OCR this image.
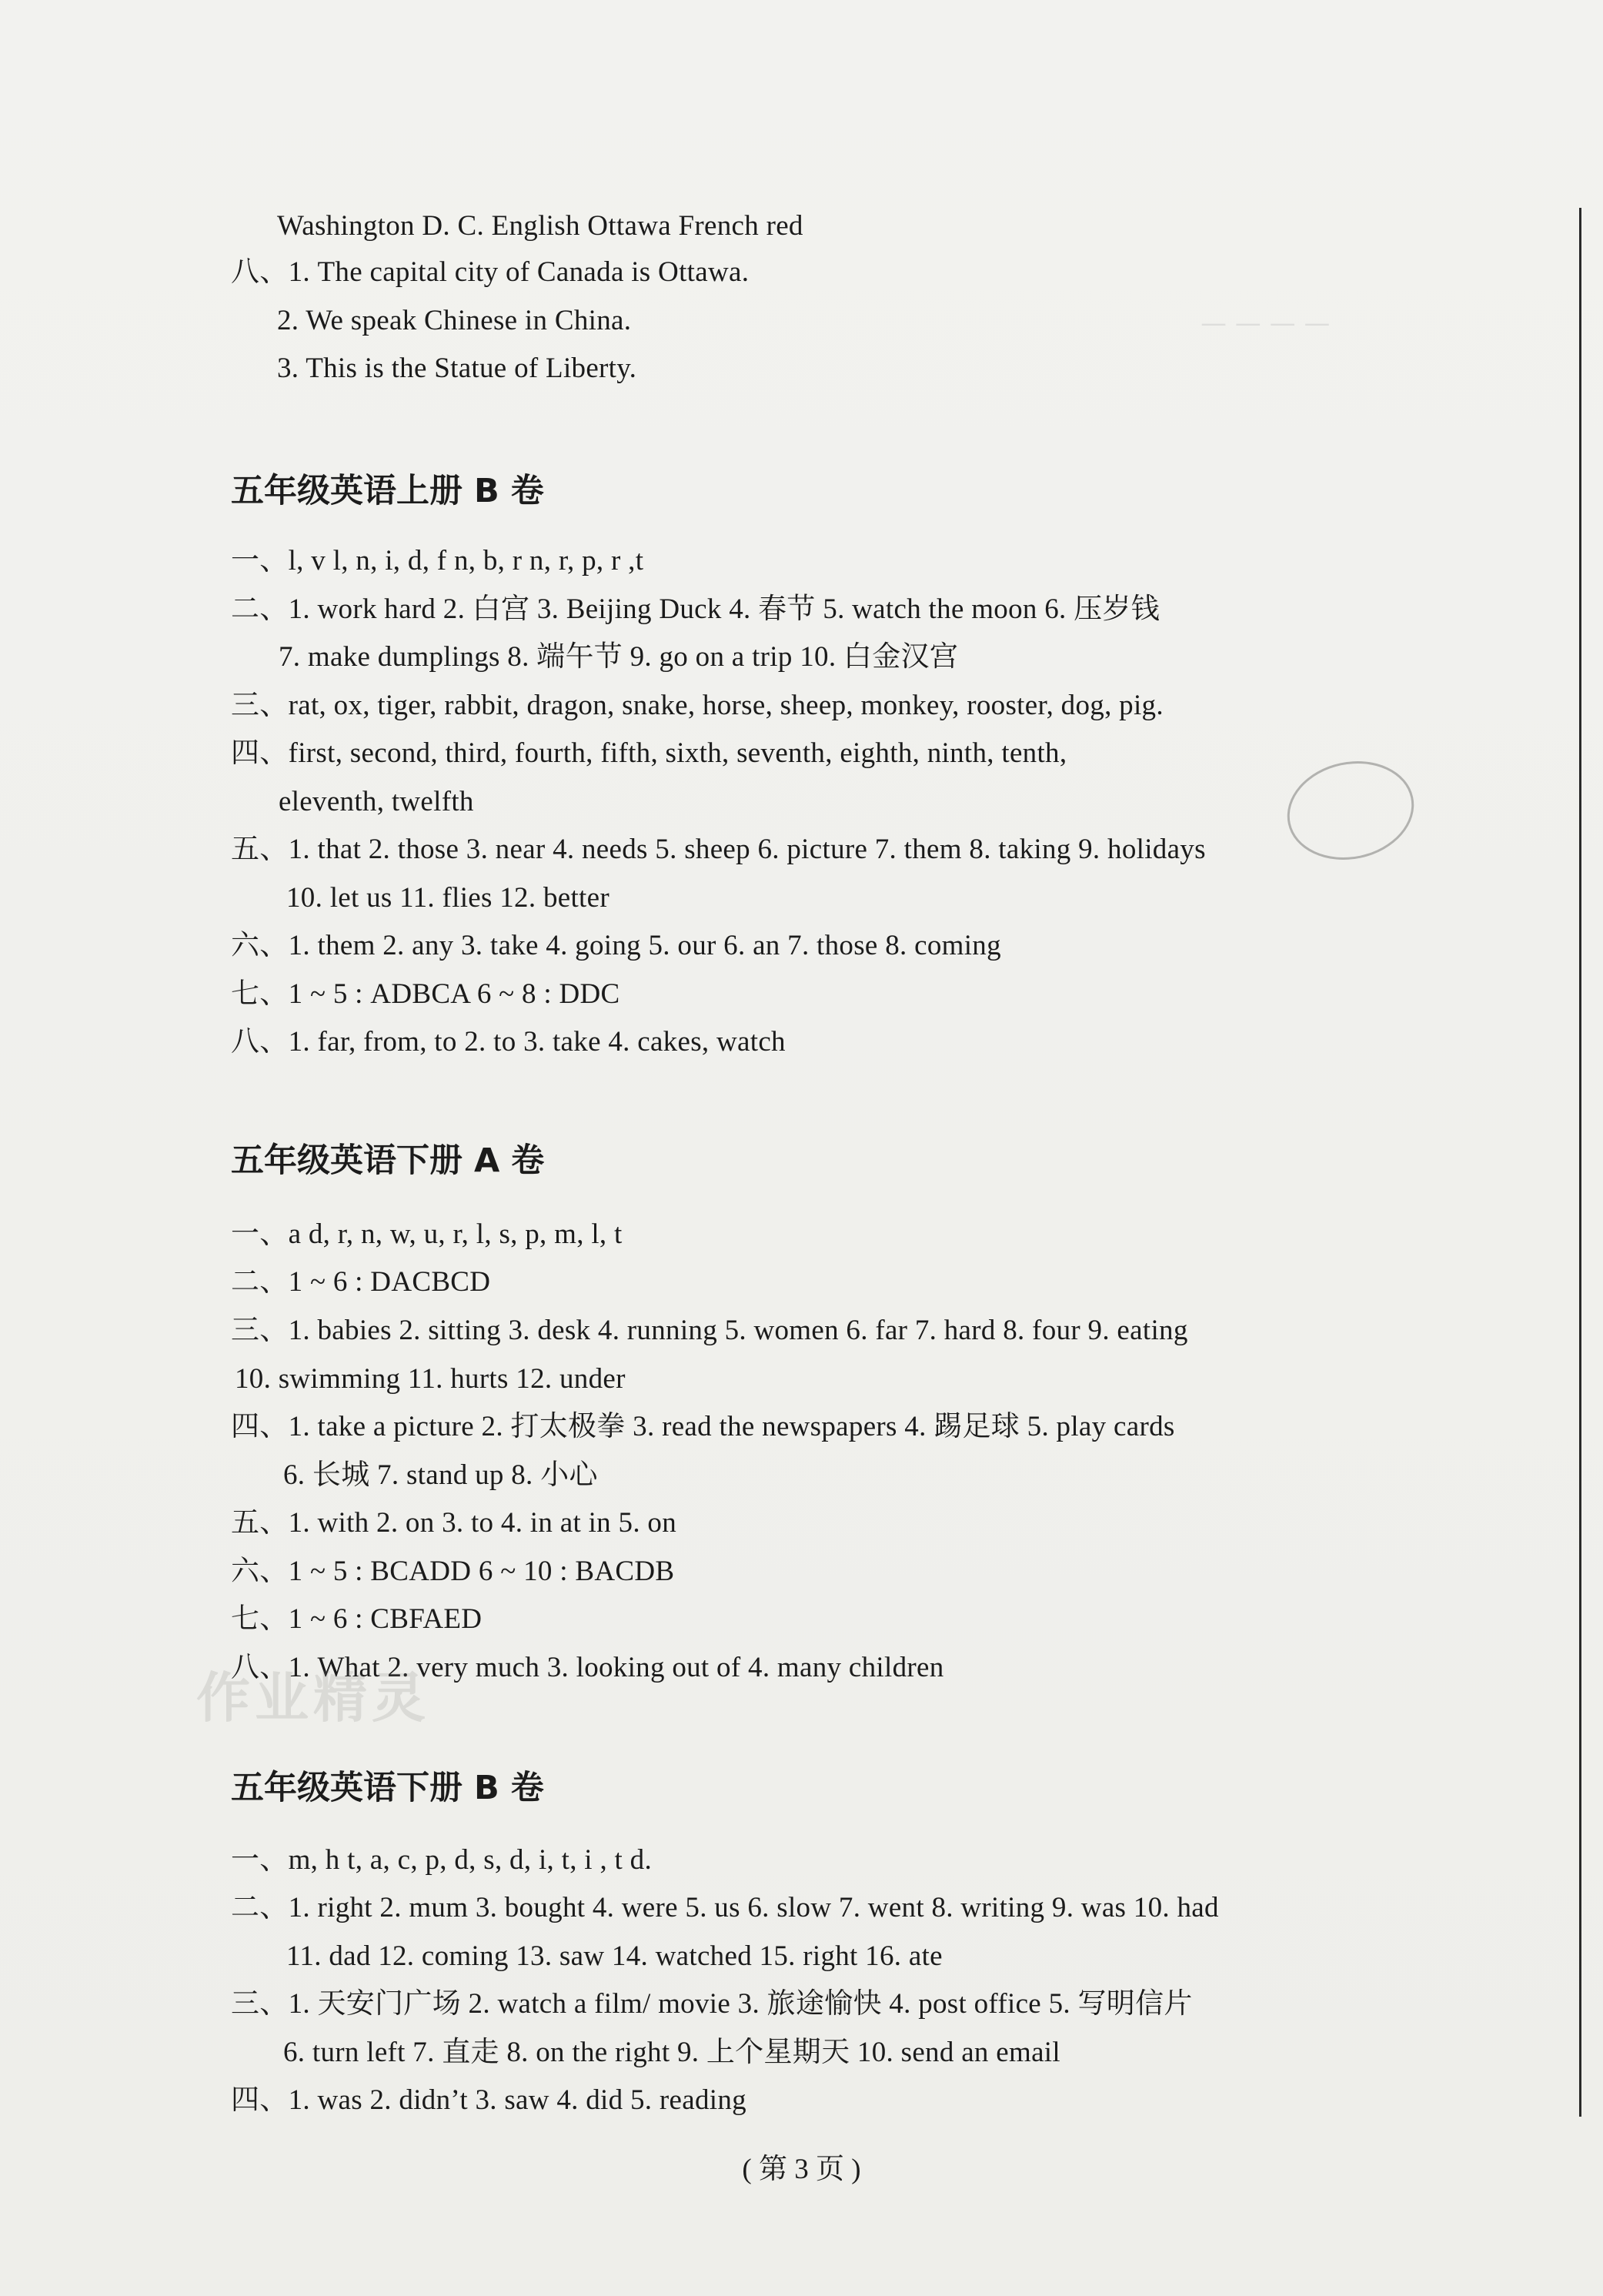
— — — —
Washington D. C. English Ottawa French red
八、1. The capital city of Canada is Ottawa.
2. We speak Chinese in China.
3. This is the Statue of Liberty.
五年级英语上册 B 卷
一、l, v l, n, i, d, f n, b, r n, r, p, r ,t
二、1. work hard 2. 白宫 3. Beijing Duck 4. 春节 5. watch the moon 6. 压岁钱
7. make dumplings 8. 端午节 9. go on a trip 10. 白金汉宫
三、rat, ox, tiger, rabbit, dragon, snake, horse, sheep, monkey, rooster, dog, pig.
四、first, second, third, fourth, fifth, sixth, seventh, eighth, ninth, tenth,
eleventh, twelfth
五、1. that 2. those 3. near 4. needs 5. sheep 6. picture 7. them 8. taking 9. holidays
10. let us 11. flies 12. better
六、1. them 2. any 3. take 4. going 5. our 6. an 7. those 8. coming
七、1 ~ 5 : ADBCA 6 ~ 8 : DDC
八、1. far, from, to 2. to 3. take 4. cakes, watch
五年级英语下册 A 卷
一、a d, r, n, w, u, r, l, s, p, m, l, t
二、1 ~ 6 : DACBCD
三、1. babies 2. sitting 3. desk 4. running 5. women 6. far 7. hard 8. four 9. eating
10. swimming 11. hurts 12. under
四、1. take a picture 2. 打太极拳 3. read the newspapers 4. 踢足球 5. play cards
6. 长城 7. stand up 8. 小心
五、1. with 2. on 3. to 4. in at in 5. on
六、1 ~ 5 : BCADD 6 ~ 10 : BACDB
七、1 ~ 6 : CBFAED
八、1. What 2. very much 3. looking out of 4. many children
五年级英语下册 B 卷
一、m, h t, a, c, p, d, s, d, i, t, i , t d.
二、1. right 2. mum 3. bought 4. were 5. us 6. slow 7. went 8. writing 9. was 10. had
11. dad 12. coming 13. saw 14. watched 15. right 16. ate
三、1. 天安门广场 2. watch a film/ movie 3. 旅途愉快 4. post office 5. 写明信片
6. turn left 7. 直走 8. on the right 9. 上个星期天 10. send an email
四、1. was 2. didn’t 3. saw 4. did 5. reading
作业精灵
( 第 3 页 )
